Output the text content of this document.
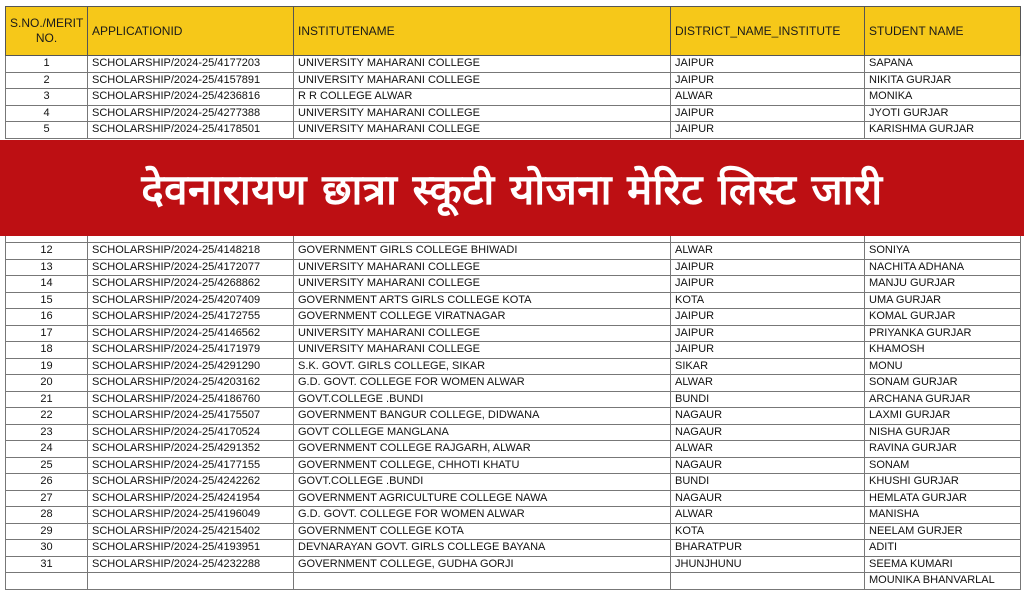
S.NO./MERIT NO.	APPLICATIONID	INSTITUTENAME	DISTRICT_NAME_INSTITUTE	STUDENT NAME
1	SCHOLARSHIP/2024-25/4177203	UNIVERSITY MAHARANI COLLEGE	JAIPUR	SAPANA
2	SCHOLARSHIP/2024-25/4157891	UNIVERSITY MAHARANI COLLEGE	JAIPUR	NIKITA GURJAR
3	SCHOLARSHIP/2024-25/4236816	R R COLLEGE ALWAR	ALWAR	MONIKA
4	SCHOLARSHIP/2024-25/4277388	UNIVERSITY MAHARANI COLLEGE	JAIPUR	JYOTI GURJAR
5	SCHOLARSHIP/2024-25/4178501	UNIVERSITY MAHARANI COLLEGE	JAIPUR	KARISHMA GURJAR
देवनारायण छात्रा स्कूटी योजना मेरिट लिस्ट जारी

12	SCHOLARSHIP/2024-25/4148218	GOVERNMENT GIRLS COLLEGE BHIWADI	ALWAR	SONIYA
13	SCHOLARSHIP/2024-25/4172077	UNIVERSITY MAHARANI COLLEGE	JAIPUR	NACHITA ADHANA
14	SCHOLARSHIP/2024-25/4268862	UNIVERSITY MAHARANI COLLEGE	JAIPUR	MANJU GURJAR
15	SCHOLARSHIP/2024-25/4207409	GOVERNMENT ARTS GIRLS COLLEGE KOTA	KOTA	UMA GURJAR
16	SCHOLARSHIP/2024-25/4172755	GOVERNMENT COLLEGE VIRATNAGAR	JAIPUR	KOMAL GURJAR
17	SCHOLARSHIP/2024-25/4146562	UNIVERSITY MAHARANI COLLEGE	JAIPUR	PRIYANKA GURJAR
18	SCHOLARSHIP/2024-25/4171979	UNIVERSITY MAHARANI COLLEGE	JAIPUR	KHAMOSH
19	SCHOLARSHIP/2024-25/4291290	S.K. GOVT. GIRLS COLLEGE, SIKAR	SIKAR	MONU
20	SCHOLARSHIP/2024-25/4203162	G.D. GOVT. COLLEGE FOR WOMEN ALWAR	ALWAR	SONAM GURJAR
21	SCHOLARSHIP/2024-25/4186760	GOVT.COLLEGE .BUNDI	BUNDI	ARCHANA GURJAR
22	SCHOLARSHIP/2024-25/4175507	GOVERNMENT BANGUR COLLEGE, DIDWANA	NAGAUR	LAXMI GURJAR
23	SCHOLARSHIP/2024-25/4170524	GOVT COLLEGE MANGLANA	NAGAUR	NISHA GURJAR
24	SCHOLARSHIP/2024-25/4291352	GOVERNMENT COLLEGE RAJGARH, ALWAR	ALWAR	RAVINA GURJAR
25	SCHOLARSHIP/2024-25/4177155	GOVERNMENT COLLEGE, CHHOTI KHATU	NAGAUR	SONAM
26	SCHOLARSHIP/2024-25/4242262	GOVT.COLLEGE .BUNDI	BUNDI	KHUSHI GURJAR
27	SCHOLARSHIP/2024-25/4241954	GOVERNMENT AGRICULTURE COLLEGE NAWA	NAGAUR	HEMLATA GURJAR
28	SCHOLARSHIP/2024-25/4196049	G.D. GOVT. COLLEGE FOR WOMEN ALWAR	ALWAR	MANISHA
29	SCHOLARSHIP/2024-25/4215402	GOVERNMENT COLLEGE KOTA	KOTA	NEELAM GURJER
30	SCHOLARSHIP/2024-25/4193951	DEVNARAYAN GOVT. GIRLS COLLEGE BAYANA	BHARATPUR	ADITI
31	SCHOLARSHIP/2024-25/4232288	GOVERNMENT COLLEGE, GUDHA GORJI	JHUNJHUNU	SEEMA KUMARI
				MOUNIKA BHANVARLAL
